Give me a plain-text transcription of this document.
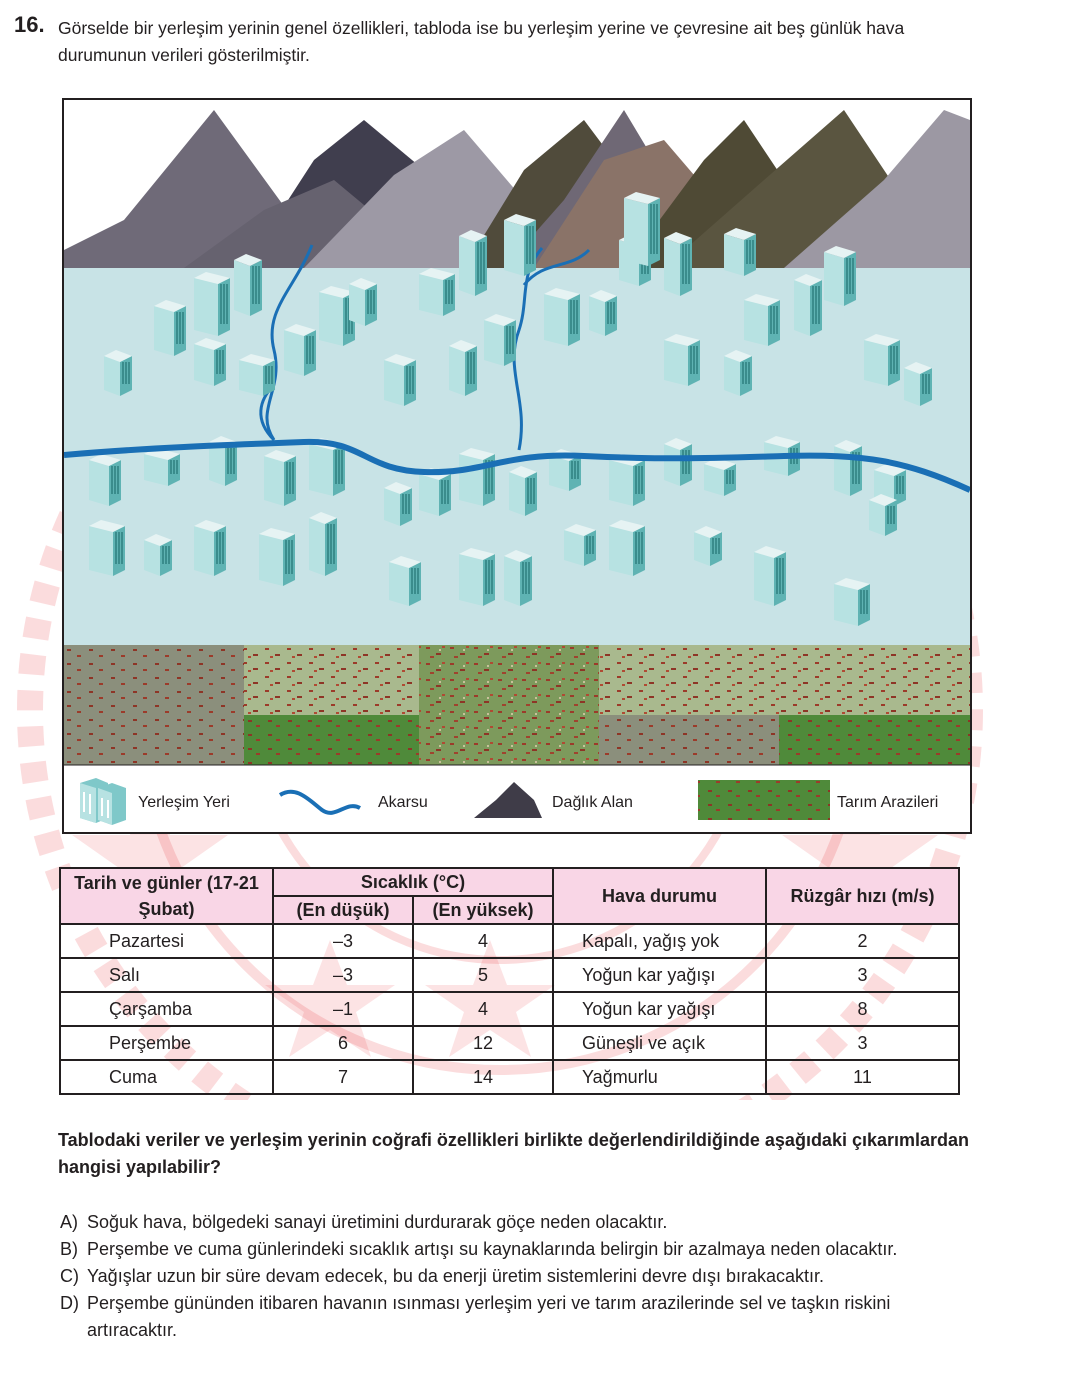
16. Görselde bir yerleşim yerinin genel özellikleri, tabloda ise bu yerleşim yerine ve çevresine ait beş günlük hava durumunun verileri gösterilmiştir.
Yerleşim Yeri	Akarsu	Dağlık Alan	Tarım Arazileri
Tarih ve günler (17-21 Şubat)	Sıcaklık (°C)		Hava durumu	Rüzgâr hızı (m/s)
	(En düşük)	(En yüksek)		
Pazartesi	–3	4	Kapalı, yağış yok	2
Salı	–3	5	Yoğun kar yağışı	3
Çarşamba	–1	4	Yoğun kar yağışı	8
Perşembe	6	12	Güneşli ve açık	3
Cuma	7	14	Yağmurlu	11
Tablodaki veriler ve yerleşim yerinin coğrafi özellikleri birlikte değerlendirildiğinde aşağıdaki çıkarımlardan hangisi yapılabilir?
A) Soğuk hava, bölgedeki sanayi üretimini durdurarak göçe neden olacaktır.
B) Perşembe ve cuma günlerindeki sıcaklık artışı su kaynaklarında belirgin bir azalmaya neden olacaktır.
C) Yağışlar uzun bir süre devam edecek, bu da enerji üretim sistemlerini devre dışı bırakacaktır.
D) Perşembe gününden itibaren havanın ısınması yerleşim yeri ve tarım arazilerinde sel ve taşkın riskini artıracaktır.
